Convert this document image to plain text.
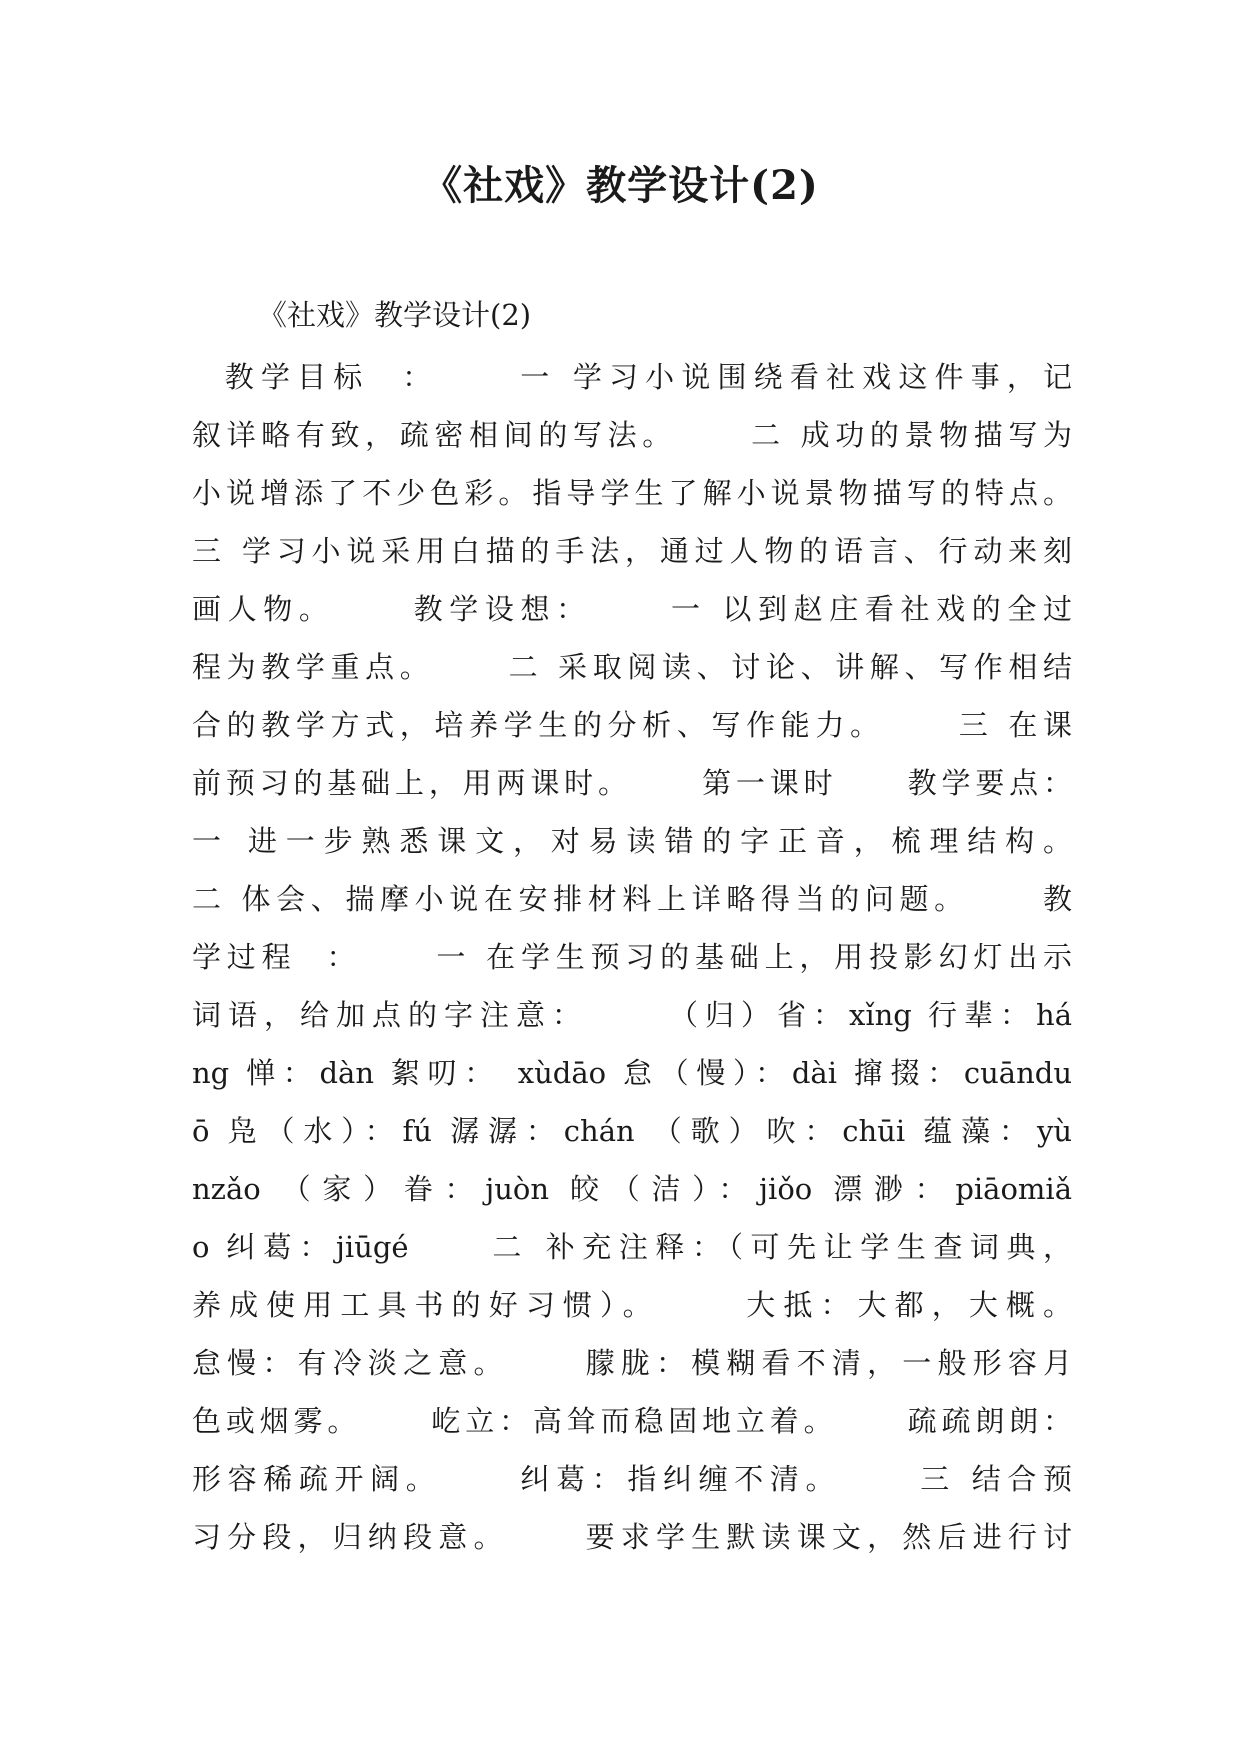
《社戏》教学设计(2)
《社戏》教学设计(2)
教学目标  ：     一 学习小说围绕看社戏这件事，记
叙详略有致，疏密相间的写法。     二 成功的景物描写为
小说增添了不少色彩。指导学生了解小说景物描写的特点。
三 学习小说采用白描的手法，通过人物的语言、行动来刻
画人物。     教学设想：     一 以到赵庄看社戏的全过
程为教学重点。     二 采取阅读、讨论、讲解、写作相结
合的教学方式，培养学生的分析、写作能力。     三 在课
前预习的基础上，用两课时。     第一课时     教学要点：
一 进一步熟悉课文，对易读错的字正音，梳理结构。
二 体会、揣摩小说在安排材料上详略得当的问题。     教
学过程  ：     一 在学生预习的基础上，用投影幻灯出示
词语，给加点的字注意：     （归）省：xǐng 行辈：há
ng 惮：dàn 絮叨： xùdāo 怠（慢）：dài 撺掇：cuāndu
ō 凫（水）：fú 潺潺：chán （歌）吹：chūi 蕴藻：yù
nzǎo （家）眷：juòn 皎（洁）：jiǒo 漂渺：piāomiǎ
o 纠葛：jiūgé     二 补充注释：（可先让学生查词典，
养成使用工具书的好习惯）。     大抵：大都，大概。
怠慢：有冷淡之意。     朦胧：模糊看不清，一般形容月
色或烟雾。     屹立：高耸而稳固地立着。     疏疏朗朗：
形容稀疏开阔。     纠葛：指纠缠不清。     三 结合预
习分段，归纳段意。     要求学生默读课文，然后进行讨
